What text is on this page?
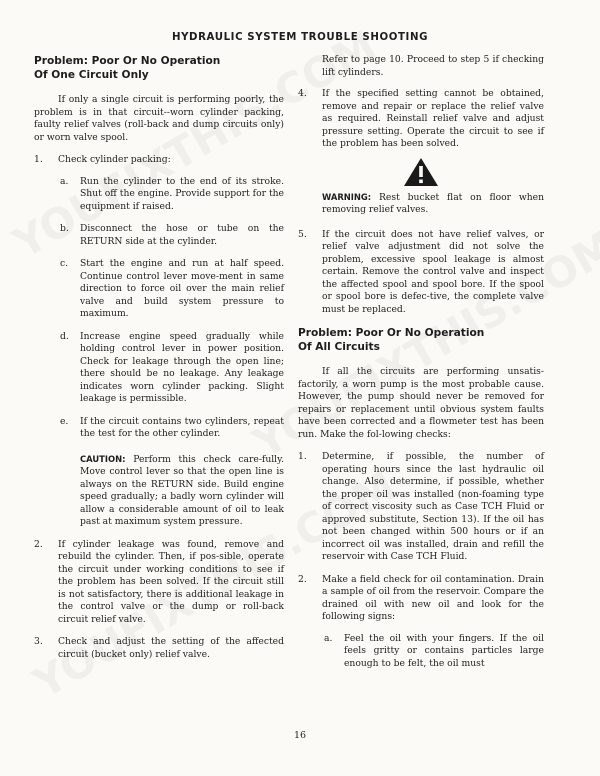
HYDRAULIC SYSTEM TROUBLE SHOOTING

Problem: Poor Or No Operation

Of One Circuit Only

If only a single circuit is performing poorly, the problem is in that circuit--worn cylinder packing, faulty relief valves (roll-back and dump circuits only) or worn valve spool.

1. Check cylinder packing:

a. Run the cylinder to the end of its stroke. Shut off the engine. Provide support for the equipment if raised.

b. Disconnect the hose or tube on the RETURN side at the cylinder.

c. Start the engine and run at half speed. Continue control lever move-ment in same direction to force oil over the main relief valve and build system pressure to maximum.

d. Increase engine speed gradually while holding control lever in power position. Check for leakage through the open line; there should be no leakage. Any leakage indicates worn cylinder packing. Slight leakage is permissible.

e. If the circuit contains two cylinders, repeat the test for the other cylinder.

CAUTION: Perform this check care-fully. Move control lever so that the open line is always on the RETURN side. Build engine speed gradually; a badly worn cylinder will allow a considerable amount of oil to leak past at maximum system pressure.

2. If cylinder leakage was found, remove and rebuild the cylinder. Then, if pos-sible, operate the circuit under working conditions to see if the problem has been solved. If the circuit still is not satisfactory, there is additional leakage in the control valve or the dump or roll-back circuit relief valve.

3. Check and adjust the setting of the affected circuit (bucket only) relief valve.

Refer to page 10. Proceed to step 5 if checking lift cylinders.

4. If the specified setting cannot be obtained, remove and repair or replace the relief valve as required. Reinstall relief valve and adjust pressure setting. Operate the circuit to see if the problem has been solved.

WARNING: Rest bucket flat on floor when removing relief valves.

5. If the circuit does not have relief valves, or relief valve adjustment did not solve the problem, excessive spool leakage is almost certain. Remove the control valve and inspect the affected spool and spool bore. If the spool or spool bore is defec-tive, the complete valve must be replaced.

Problem: Poor Or No Operation

Of All Circuits

If all the circuits are performing unsatis-factorily, a worn pump is the most probable cause. However, the pump should never be removed for repairs or replacement until obvious system faults have been corrected and a flowmeter test has been run. Make the fol-lowing checks:

1. Determine, if possible, the number of operating hours since the last hydraulic oil change. Also determine, if possible, whether the proper oil was installed (non-foaming type of correct viscosity such as Case TCH Fluid or approved substitute, Section 13). If the oil has not been changed within 500 hours or if an incorrect oil was installed, drain and refill the reservoir with Case TCH Fluid.

2. Make a field check for oil contamination. Drain a sample of oil from the reservoir. Compare the drained oil with new oil and look for the following signs:

a. Feel the oil with your fingers. If the oil feels gritty or contains particles large enough to be felt, the oil must

16
